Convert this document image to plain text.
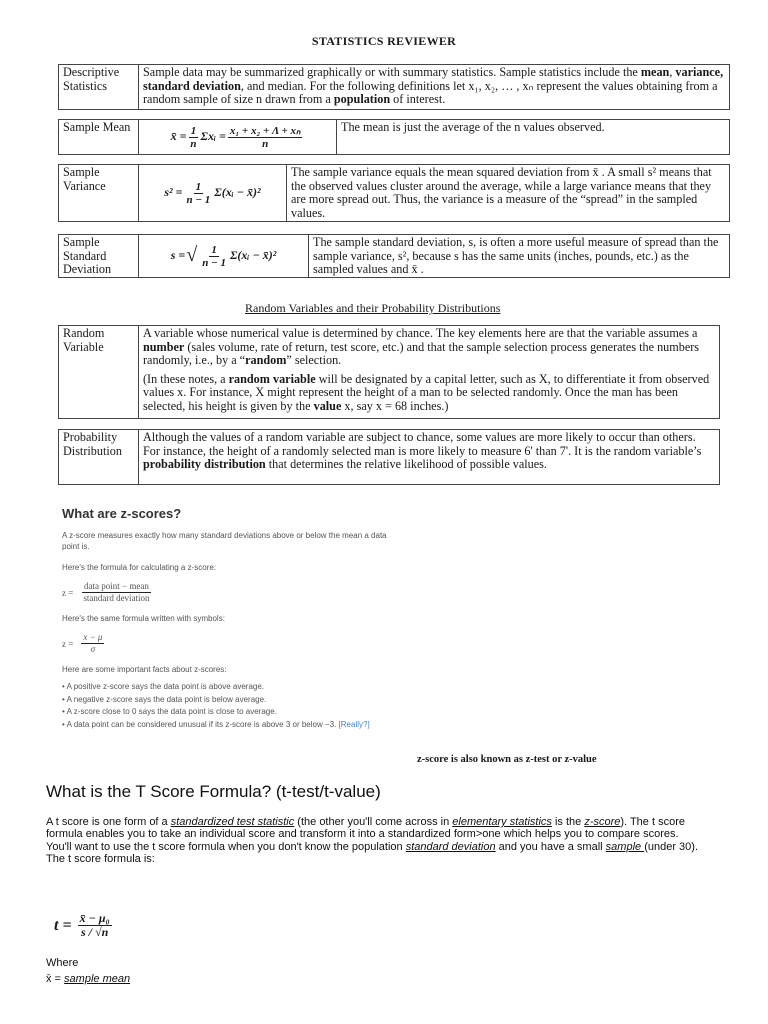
STATISTICS REVIEWER
Descriptive Statistics
Sample data may be summarized graphically or with summary statistics. Sample statistics include the mean, variance, standard deviation, and median. For the following definitions let x₁, x₂, … , xₙ represent the values obtaining from a random sample of size n drawn from a population of interest.
Sample Mean
x̄ = $\frac{1}{n}$ Σxᵢ = $\frac{\text{x₁ + x₂ + Λ + xₙ}}{n}$	The mean is just the average of the n values observed.
Sample Variance	$s^2 = \frac{1}{n - 1}$ Σ(xᵢ − x̄)²
The sample variance equals the mean squared deviation from x̄ . A small s² means that the observed values cluster around the average, while a large variance means that they are more spread out. Thus, the variance is a measure of the “spread” in the sampled values.
Sample Standard Deviation
s = √ $\frac{1}{n - 1}$ Σ(xᵢ − x̄)²
The sample standard deviation, s, is often a more useful measure of spread than the sample variance, s², because s has the same units (inches, pounds, etc.) as the sampled values and x̄ .
Random Variables and their Probability Distributions
Random Variable
A variable whose numerical value is determined by chance. The key elements here are that the variable assumes a number (sales volume, rate of return, test score, etc.) and that the sample selection process generates the numbers randomly, i.e., by a “random” selection.
(In these notes, a random variable will be designated by a capital letter, such as X, to differentiate it from observed values x. For instance, X might represent the height of a man to be selected randomly. Once the man has been selected, his height is given by the value x, say x = 68 inches.)
Probability Distribution
Although the values of a random variable are subject to chance, some values are more likely to occur than others. For instance, the height of a randomly selected man is more likely to measure 6' than 7'. It is the random variable’s probability distribution that determines the relative likelihood of possible values.
What are z-scores?

A z-score measures exactly how many standard deviations above or below the mean a data point is.

Here's the formula for calculating a z-score:

$z = \frac{\text{data point − mean}}{\text{standard deviation}}$

Here's the same formula written with symbols:

$z = \frac{x - \mu}{\sigma}$

Here are some important facts about z-scores:

• A positive z-score says the data point is above average.
• A negative z-score says the data point is below average.
• A z-score close to 0 says the data point is close to average.
• A data point can be considered unusual if its z-score is above 3 or below −3. [Really?]
z-score is also known as z-test or z-value
What is the T Score Formula? (t-test/t-value)
A t score is one form of a standardized test statistic (the other you'll come across in elementary statistics is the z-score). The t score formula enables you to take an individual score and transform it into a standardized form>one which helps you to compare scores.
You'll want to use the t score formula when you don't know the population standard deviation and you have a small sample (under 30).
The t score formula is:
$t = \frac{\text{x̄ − μ₀}}{s / √n}$
Where
x̄ = sample mean
